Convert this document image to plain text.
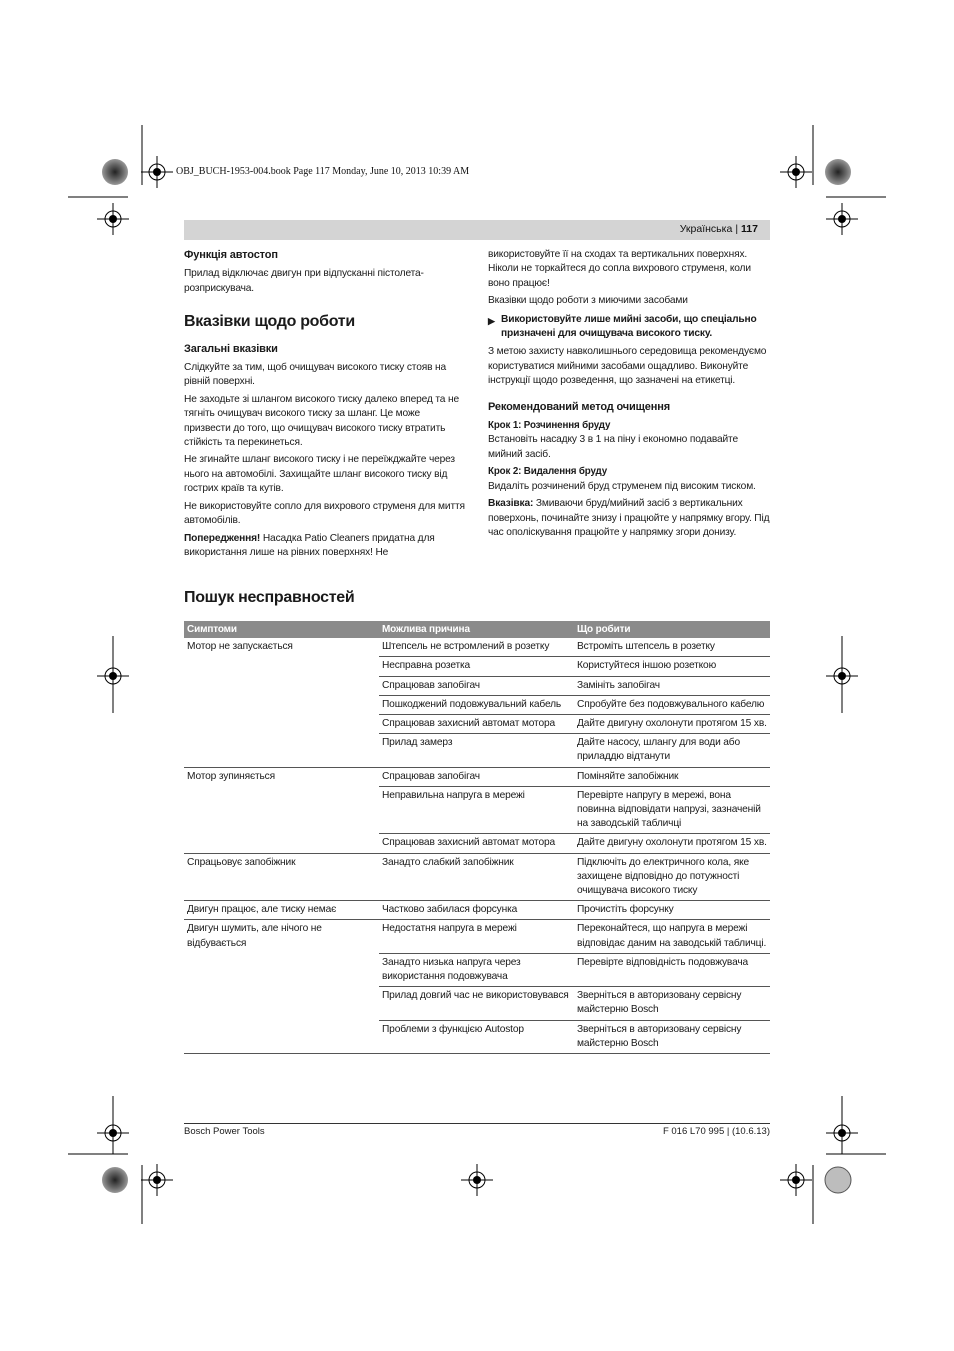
OBJ_BUCH-1953-004.book Page 117 Monday, June 10, 2013 10:39 AM
Українська | 117
Функція автостоп

Прилад відключає двигун при відпусканні пістолета-розприскувача.

Вказівки щодо роботи
Загальні вказівки

Слідкуйте за тим, щоб очищувач високого тиску стояв на рівній поверхні.

Не заходьте зі шлангом високого тиску далеко вперед та не тягніть очищувач високого тиску за шланг. Це може призвести до того, що очищувач високого тиску втратить стійкість та перекинеться.

Не згинайте шланг високого тиску і не переїжджайте через нього на автомобілі. Захищайте шланг високого тиску від гострих країв та кутів.

Не використовуйте сопло для вихрового струменя для миття автомобілів.

Попередження! Насадка Patio Cleaners придатна для використання лише на рівних поверхнях! Не

використовуйте її на сходах та вертикальних поверхнях. Ніколи не торкайтеся до сопла вихрового струменя, коли воно працює!

Вказівки щодо роботи з миючими засобами

▶ Використовуйте лише мийні засоби, що спеціально призначені для очищувача високого тиску.

З метою захисту навколишнього середовища рекомендуємо користуватися мийними засобами ощадливо. Виконуйте інструкції щодо розведення, що зазначені на етикетці.

Рекомендований метод очищення
Крок 1: Розчинення бруду

Встановіть насадку 3 в 1 на піну і економно подавайте мийний засіб.

Крок 2: Видалення бруду

Видаліть розчинений бруд струменем під високим тиском.

Вказівка: Змиваючи бруд/мийний засіб з вертикальних поверхонь, починайте знизу і працюйте у напрямку вгору. Під час ополіскування працюйте у напрямку згори донизу.

Пошук несправностей
Симптоми	Можлива причина	Що робити
Мотор не запускається	Штепсель не встромлений в розетку	Встроміть штепсель в розетку
	Несправна розетка	Користуйтеся іншою розеткою
	Спрацював запобігач	Замініть запобігач
	Пошкоджений подовжувальний кабель	Спробуйте без подовжувального кабелю
	Спрацював захисний автомат мотора	Дайте двигуну охолонути протягом 15 хв.
	Прилад замерз	Дайте насосу, шлангу для води або приладдю відтанути
Мотор зупиняється	Спрацював запобігач	Поміняйте запобіжник
	Неправильна напруга в мережі	Перевірте напругу в мережі, вона повинна відповідати напрузі, зазначеній на заводській табличці
	Спрацював захисний автомат мотора	Дайте двигуну охолонути протягом 15 хв.
Спрацьовує запобіжник	Занадто слабкий запобіжник	Підключіть до електричного кола, яке захищене відповідно до потужності очищувача високого тиску
Двигун працює, але тиску немає	Частково забилася форсунка	Прочистіть форсунку
Двигун шумить, але нічого не відбувається	Недостатня напруга в мережі	Переконайтеся, що напруга в мережі відповідає даним на заводській табличці.
	Занадто низька напруга через використання подовжувача	Перевірте відповідність подовжувача
	Прилад довгий час не використовувався	Зверніться в авторизовану сервісну майстерню Bosch
	Проблеми з функцією Autostop	Зверніться в авторизовану сервісну майстерню Bosch
Bosch Power Tools	F 016 L70 995 | (10.6.13)
